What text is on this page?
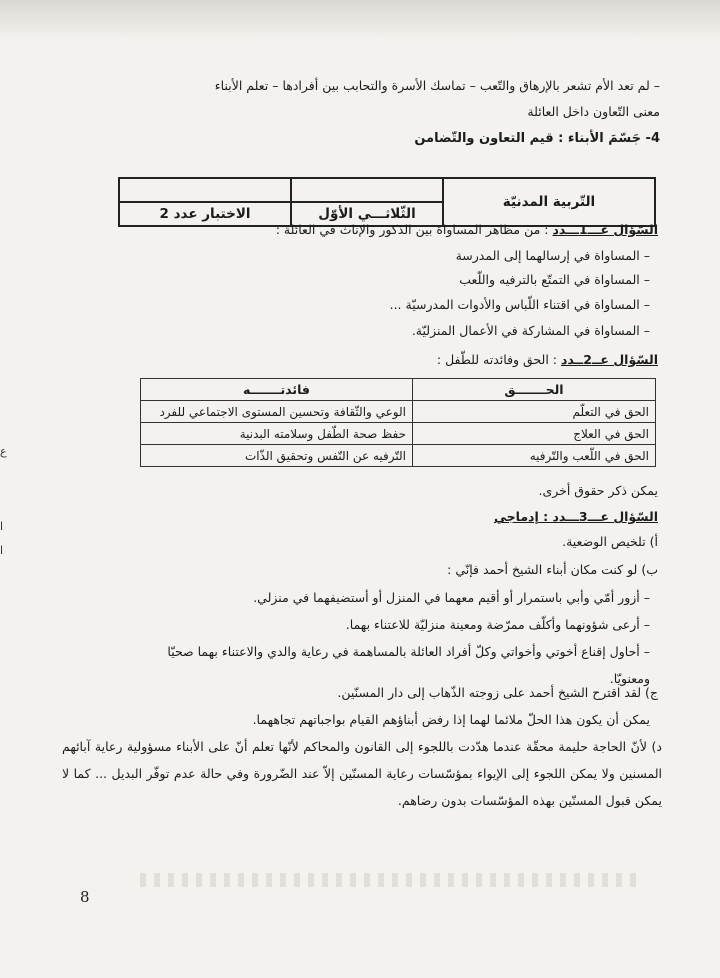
– لم تعد الأم تشعر بالإرهاق والتّعب – تماسك الأسرة والتحابب بين أفرادها – تعلم الأبناء
معنى التّعاون داخل العائلة
4- جَسّمَ الأبناء : قيم التعاون والتّضامن
التّربية المدنيّة		
	الثّلاثـــي الأوّل	الاختبار عدد 2
السّؤال عـــ1ـــدد : من مظاهر المساواة بين الذكور والإناث في العائلة :
– المساواة في إرسالهما إلى المدرسة
– المساواة في التمتّع بالترفيه واللّعب
– المساواة في اقتناء اللّباس والأدوات المدرسيّة ...
– المساواة في المشاركة في الأعمال المنزليّة.
السّؤال عــ2ــدد : الحق وفائدته للطّفل :
الحـــــــق	فائدتـــــــه
الحق في التعلّم	الوعي والثّقافة وتحسين المستوى الاجتماعي للفرد
الحق في العلاج	حفظ صحة الطّفل وسلامته البدنية
الحق في اللّعب والتّرفيه	التّرفيه عن النّفس وتحقيق الذّات
يمكن ذكر حقوق أخرى.
السّؤال عـــ3ـــدد : إدماجي
أ) تلخيص الوضعية.
ب) لو كنت مكان أبناء الشيخ أحمد فإنّي :
– أزور أمّي وأبي باستمرار أو أقيم معهما في المنزل أو أستضيفهما في منزلي.
– أرعى شؤونهما وأكلّف ممرّضة ومعينة منزليّة للاعتناء بهما.
– أحاول إقناع أخوتي وأخواتي وكلّ أفراد العائلة بالمساهمة في رعاية والدي والاعتناء بهما صحيّا
ومعنويّا.
ج) لقد اقترح الشيخ أحمد على زوجته الذّهاب إلى دار المسنّين.
يمكن أن يكون هذا الحلّ ملائما لهما إذا رفض أبناؤهم القيام بواجباتهم تجاههما.
د) لأنّ الحاجة حليمة محقّة عندما هدّدت باللجوء إلى القانون والمحاكم لأنّها تعلم أنّ على الأبناء مسؤولية رعاية آبائهم المسنين ولا يمكن اللجوء إلى الإيواء بمؤسّسات رعاية المسنّين إلاّ عند الضّرورة وفي حالة عدم توفّر البديل ... كما لا يمكن قبول المسنّين بهذه المؤسّسات بدون رضاهم.
8
ع
ا
ا
